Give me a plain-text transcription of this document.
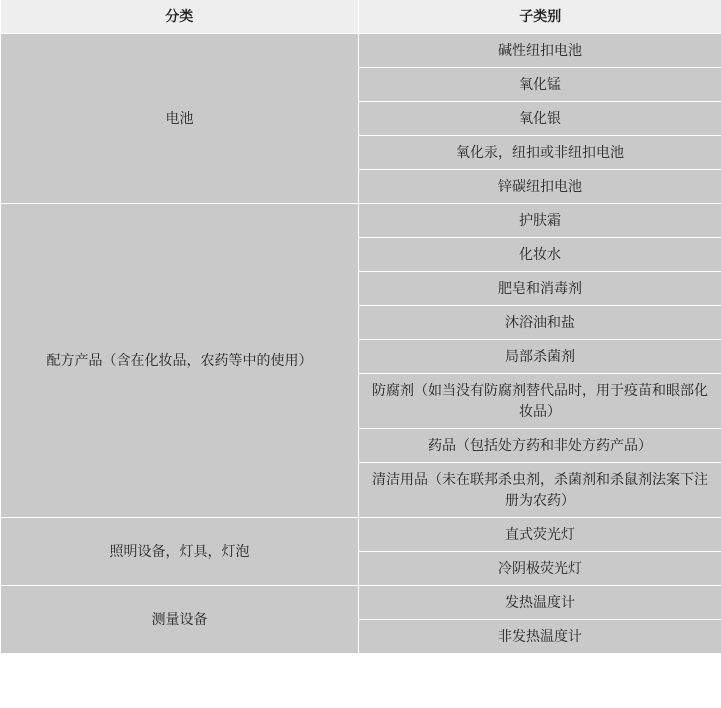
分类	子类别
电池	碱性纽扣电池
	氧化锰
	氧化银
	氧化汞，纽扣或非纽扣电池
	锌碳纽扣电池
配方产品（含在化妆品，农药等中的使用）	护肤霜
	化妆水
	肥皂和消毒剂
	沐浴油和盐
	局部杀菌剂
	防腐剂（如当没有防腐剂替代品时，用于疫苗和眼部化妆品）
	药品（包括处方药和非处方药产品）
	清洁用品（未在联邦杀虫剂，杀菌剂和杀鼠剂法案下注册为农药）
照明设备，灯具，灯泡	直式荧光灯
	冷阴极荧光灯
测量设备	发热温度计
	非发热温度计
